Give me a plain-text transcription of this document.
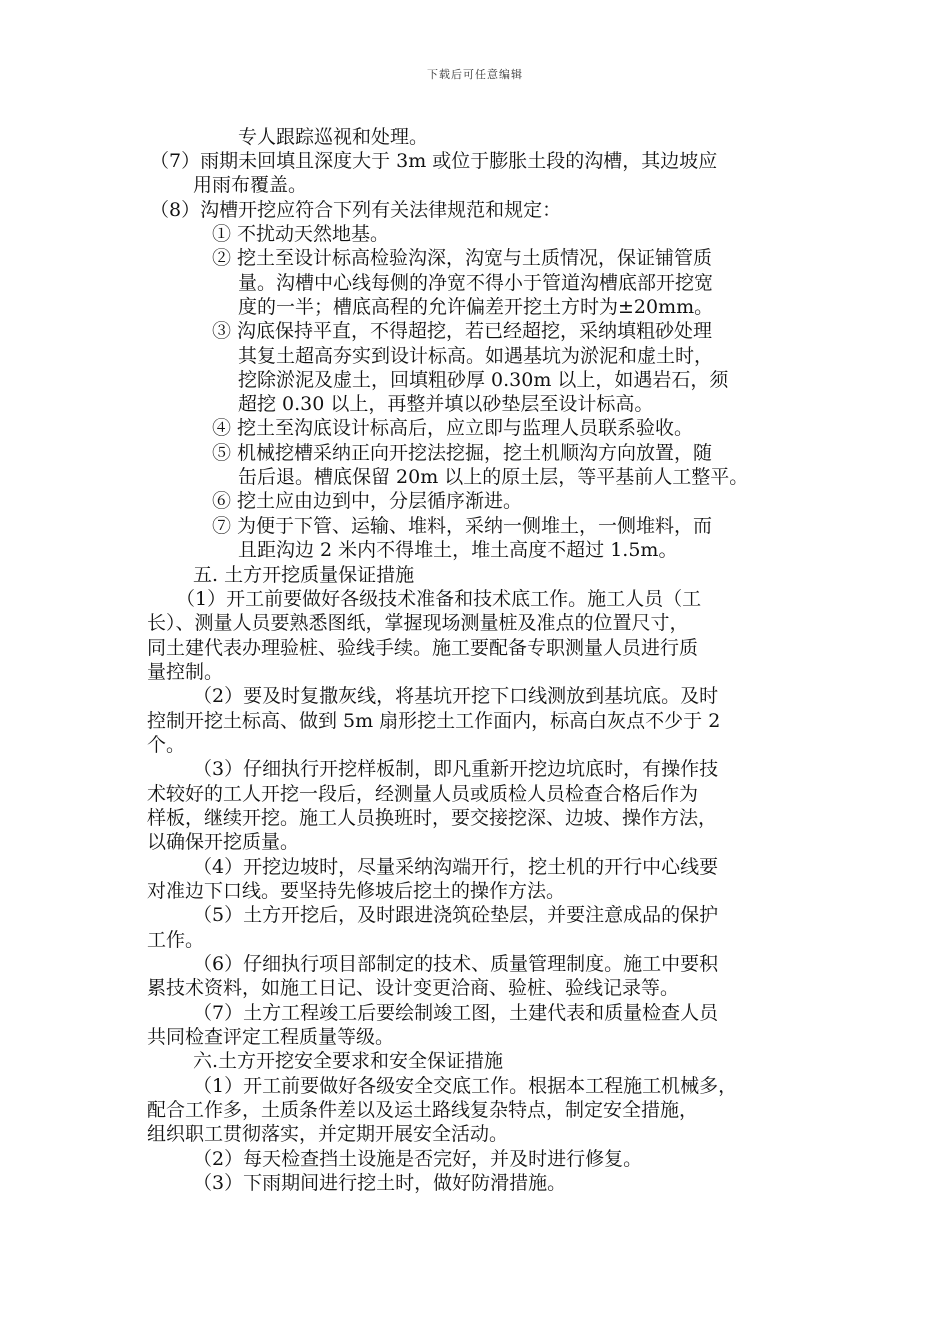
下载后可任意编辑
专人跟踪巡视和处理。
（7）雨期未回填且深度大于 3m 或位于膨胀土段的沟槽，其边坡应
用雨布覆盖。
（8）沟槽开挖应符合下列有关法律规范和规定：
① 不扰动天然地基。
② 挖土至设计标高检验沟深，沟宽与土质情况，保证铺管质
量。沟槽中心线每侧的净宽不得小于管道沟槽底部开挖宽
度的一半；槽底高程的允许偏差开挖土方时为±20mm。
③ 沟底保持平直，不得超挖，若已经超挖，采纳填粗砂处理
其复土超高夯实到设计标高。如遇基坑为淤泥和虚土时，
挖除淤泥及虚土，回填粗砂厚 0.30m 以上，如遇岩石，须
超挖 0.30 以上，再整并填以砂垫层至设计标高。
④ 挖土至沟底设计标高后，应立即与监理人员联系验收。
⑤ 机械挖槽采纳正向开挖法挖掘，挖土机顺沟方向放置，随
缶后退。槽底保留 20m 以上的原土层，等平基前人工整平。
⑥ 挖土应由边到中，分层循序渐进。
⑦ 为便于下管、运输、堆料，采纳一侧堆土，一侧堆料，而
且距沟边 2 米内不得堆土，堆土高度不超过 1.5m。
五. 土方开挖质量保证措施
（1）开工前要做好各级技术准备和技术底工作。施工人员（工
长）、测量人员要熟悉图纸，掌握现场测量桩及准点的位置尺寸，
同土建代表办理验桩、验线手续。施工要配备专职测量人员进行质
量控制。
（2）要及时复撒灰线，将基坑开挖下口线测放到基坑底。及时
控制开挖土标高、做到 5m 扇形挖土工作面内，标高白灰点不少于 2
个。
（3）仔细执行开挖样板制，即凡重新开挖边坑底时，有操作技
术较好的工人开挖一段后，经测量人员或质检人员检查合格后作为
样板，继续开挖。施工人员换班时，要交接挖深、边坡、操作方法，
以确保开挖质量。
（4）开挖边坡时，尽量采纳沟端开行，挖土机的开行中心线要
对准边下口线。要坚持先修坡后挖土的操作方法。
（5）土方开挖后，及时跟进浇筑砼垫层，并要注意成品的保护
工作。
（6）仔细执行项目部制定的技术、质量管理制度。施工中要积
累技术资料，如施工日记、设计变更洽商、验桩、验线记录等。
（7）土方工程竣工后要绘制竣工图，土建代表和质量检查人员
共同检查评定工程质量等级。
六.土方开挖安全要求和安全保证措施
（1）开工前要做好各级安全交底工作。根据本工程施工机械多，
配合工作多，土质条件差以及运土路线复杂特点，制定安全措施，
组织职工贯彻落实，并定期开展安全活动。
（2）每天检查挡土设施是否完好，并及时进行修复。
（3）下雨期间进行挖土时，做好防滑措施。
